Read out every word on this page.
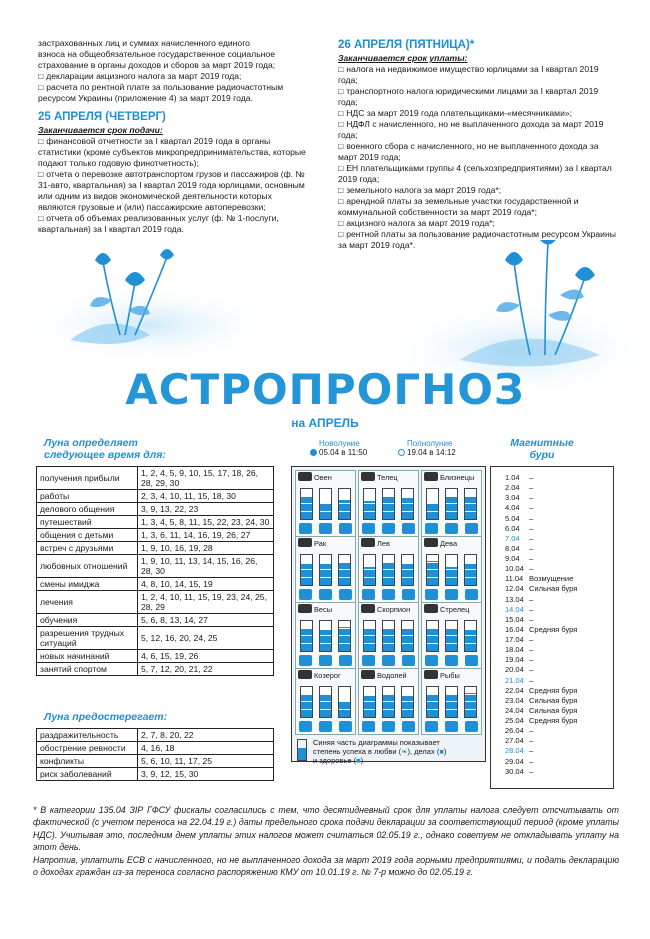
застрахованных лиц и суммах начисленного единого

взноса на общеобязательное государственное социальное

страхование в органы доходов и сборов за март 2019 года;

□ декларации акцизного налога за март 2019 года;

□ расчета по рентной плате за пользование радиочастотным ресурсом Украины (приложение 4) за март 2019 года.

25 АПРЕЛЯ (ЧЕТВЕРГ)

Заканчивается срок подачи:

□ финансовой отчетности за I квартал 2019 года в органы статистики (кроме субъектов микропредпринимательства, которые подают только годовую финотчетность);

□ отчета о перевозке автотранспортом грузов и пассажиров (ф. № 31-авто, квартальная) за I квартал 2019 года юрлицами, основным или одним из видов экономической деятельности которых являются грузовые и (или) пассажирские автоперевозки;

□ отчета об объемах реализованных услуг (ф. № 1-послуги, квартальная) за I квартал 2019 года.

26 АПРЕЛЯ (ПЯТНИЦА)*

Заканчивается срок уплаты:

□ налога на недвижимое имущество юрлицами за I квартал 2019 года;

□ транспортного налога юридическими лицами за I квартал 2019 года;

□ НДС за март 2019 года плательщиками-«месячниками»;

□ НДФЛ с начисленного, но не выплаченного дохода за март 2019 года;

□ военного сбора с начисленного, но не выплаченного дохода за март 2019 года;

□ ЕН плательщиками группы 4 (сельхозпредприятиями) за I квартал 2019 года;

□ земельного налога за март 2019 года*;

□ арендной платы за земельные участки государственной и коммунальной собственности за март 2019 года*;

□ акцизного налога за март 2019 года*;

□ рентной платы за пользование радиочастотным ресурсом Украины за март 2019 года*.

АСТРОПРОГНОЗ
на АПРЕЛЬ
Луна определяет
следующее время для:
получения прибыли	1, 2, 4, 5, 9, 10, 15, 17, 18, 26, 28, 29, 30
работы	2, 3, 4, 10, 11, 15, 18, 30
делового общения	3, 9, 13, 22, 23
путешествий	1, 3, 4, 5, 8, 11, 15, 22, 23, 24, 30
общения с детьми	1, 3, 6, 11, 14, 16, 19, 26, 27
встреч с друзьями	1, 9, 10, 16, 19, 28
любовных отношений	1, 9, 10, 11, 13, 14, 15, 16, 26, 28, 30
смены имиджа	4, 8, 10, 14, 15, 19
лечения	1, 2, 4, 10, 11, 15, 19, 23, 24, 25, 28, 29
обучения	5, 6, 8, 13, 14, 27
разрешения трудных ситуаций	5, 12, 16, 20, 24, 25
новых начинаний	4, 6, 15, 19, 26
занятий спортом	5, 7, 12, 20, 21, 22
Луна предостерегает:
раздражительность	2, 7, 8, 20, 22
обострение ревности	4, 16, 18
конфликты	5, 6, 10, 11, 17, 25
риск заболеваний	3, 9, 12, 15, 30
Новолуние
05.04 в 11:50
Полнолуние
19.04 в 14:12
Синяя часть диаграммы показывает
степень успеха в любви (❧), делах (■)
и здоровье (■)
Овен	Телец	Близнецы
Рак	Лев	Дева
Весы	Скорпион	Стрелец
Козерог	Водолей	Рыбы
Магнитные
бури
1.04 –
2.04 –
3.04 –
4.04 –
5.04 –
6.04 –
7.04 –
8.04 –
9.04 –
10.04 –
11.04 Возмущение
12.04 Сильная буря
13.04 –
14.04 –
15.04 –
16.04 Средняя буря
17.04 –
18.04 –
19.04 –
20.04 –
21.04 –
22.04 Средняя буря
23.04 Сильная буря
24.04 Сильная буря
25.04 Средняя буря
26.04 –
27.04 –
28.04 –
29.04 –
30.04 –

* В категории 135.04 ЗІР ГФСУ фискалы согласились с тем, что десятидневный срок для уплаты налога следует отсчитывать от фактической (с учетом переноса на 22.04.19 г.) даты предельного срока подачи декларации за соответствующий период (кроме уплаты НДС). Учитывая это, последним днем уплаты этих налогов может считаться 02.05.19 г., однако советуем не откладывать уплату на этот день.

Напротив, уплатить ЕСВ с начисленного, но не выплаченного дохода за март 2019 года горными предприятиями, и подать декларацию о доходах граждан из-за переноса согласно распоряжению КМУ от 10.01.19 г. № 7-р можно до 02.05.19 г.
